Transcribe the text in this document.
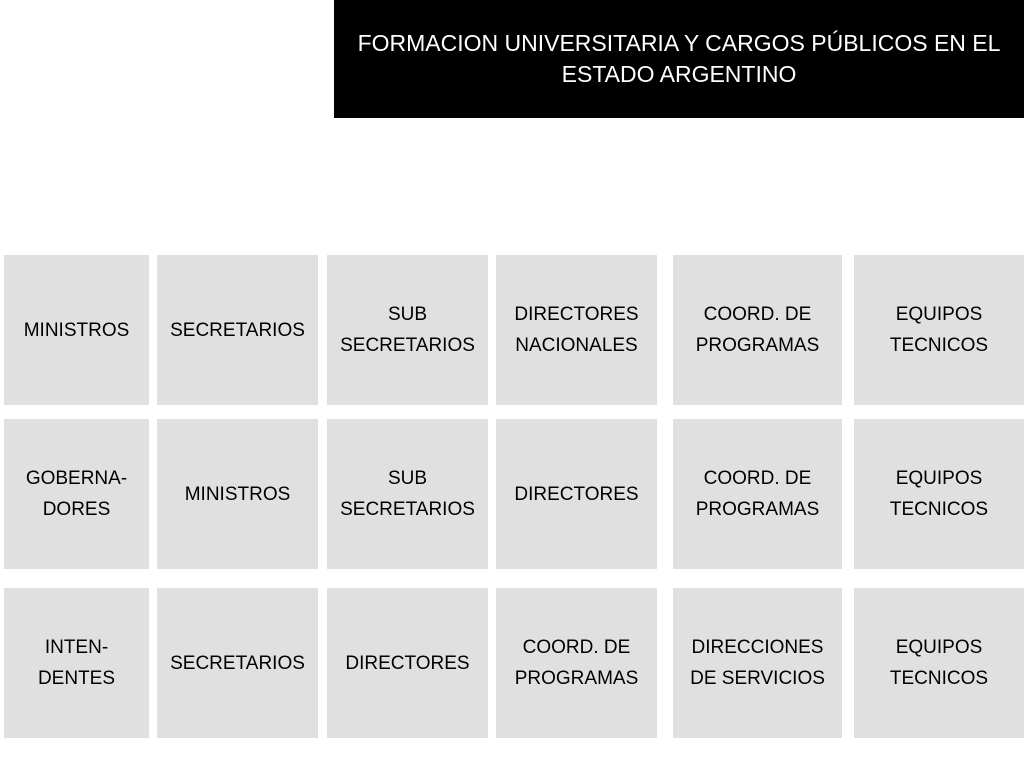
FORMACION UNIVERSITARIA Y CARGOS PÚBLICOS EN EL
ESTADO ARGENTINO
MINISTROS SECRETARIOS
SUB
SECRETARIOS
DIRECTORES
NACIONALES
COORD. DE
PROGRAMAS
EQUIPOS
TECNICOS
GOBERNA-
DORES
MINISTROS
SUB
SECRETARIOS
DIRECTORES
COORD. DE
PROGRAMAS
EQUIPOS
TECNICOS
INTEN-
DENTES
SECRETARIOS DIRECTORES
COORD. DE
PROGRAMAS
DIRECCIONES
DE SERVICIOS
EQUIPOS
TECNICOS
